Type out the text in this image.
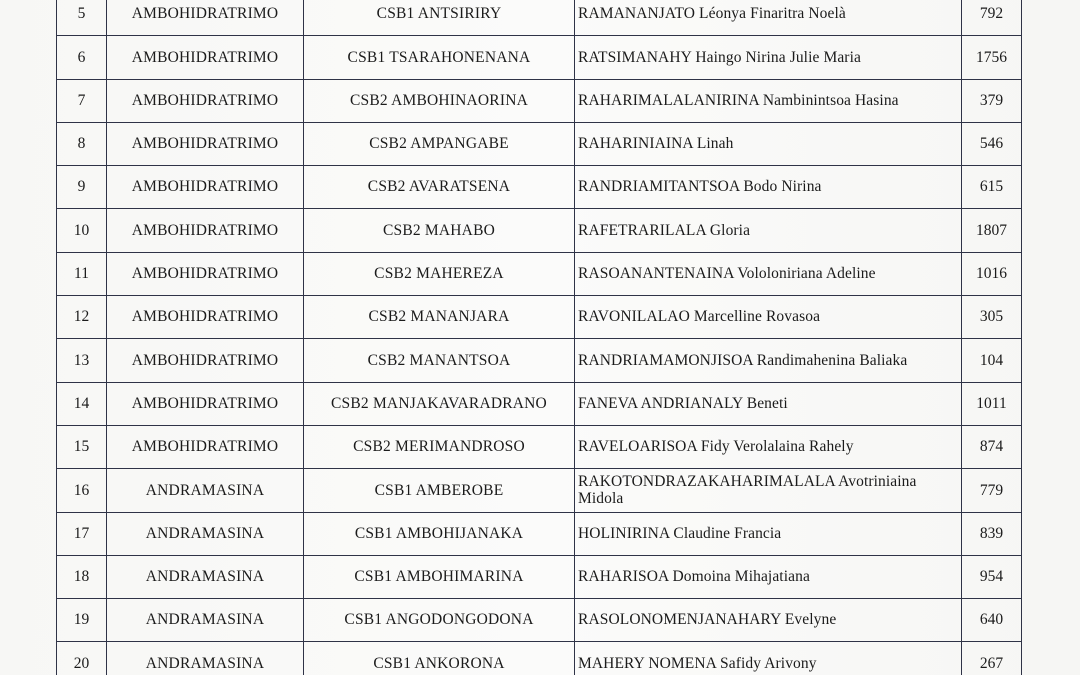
5	AMBOHIDRATRIMO	CSB1 ANTSIRIRY	RAMANANJATO Léonya Finaritra Noelà	792
6	AMBOHIDRATRIMO	CSB1 TSARAHONENANA	RATSIMANAHY Haingo Nirina Julie Maria	1756
7	AMBOHIDRATRIMO	CSB2 AMBOHINAORINA	RAHARIMALALANIRINA Nambinintsoa Hasina	379
8	AMBOHIDRATRIMO	CSB2 AMPANGABE	RAHARINIAINA Linah	546
9	AMBOHIDRATRIMO	CSB2 AVARATSENA	RANDRIAMITANTSOA Bodo Nirina	615
10	AMBOHIDRATRIMO	CSB2 MAHABO	RAFETRARILALA Gloria	1807
11	AMBOHIDRATRIMO	CSB2 MAHEREZA	RASOANANTENAINA Vololoniriana Adeline	1016
12	AMBOHIDRATRIMO	CSB2 MANANJARA	RAVONILALAO Marcelline Rovasoa	305
13	AMBOHIDRATRIMO	CSB2 MANANTSOA	RANDRIAMAMONJISOA Randimahenina Baliaka	104
14	AMBOHIDRATRIMO	CSB2 MANJAKAVARADRANO	FANEVA ANDRIANALY Beneti	1011
15	AMBOHIDRATRIMO	CSB2 MERIMANDROSO	RAVELOARISOA Fidy Verolalaina Rahely	874
16	ANDRAMASINA	CSB1 AMBEROBE	RAKOTONDRAZAKAHARIMALALA Avotriniaina Midola	779
17	ANDRAMASINA	CSB1 AMBOHIJANAKA	HOLINIRINA Claudine Francia	839
18	ANDRAMASINA	CSB1 AMBOHIMARINA	RAHARISOA Domoina Mihajatiana	954
19	ANDRAMASINA	CSB1 ANGODONGODONA	RASOLONOMENJANAHARY Evelyne	640
20	ANDRAMASINA	CSB1 ANKORONA	MAHERY NOMENA Safidy Arivony	267
